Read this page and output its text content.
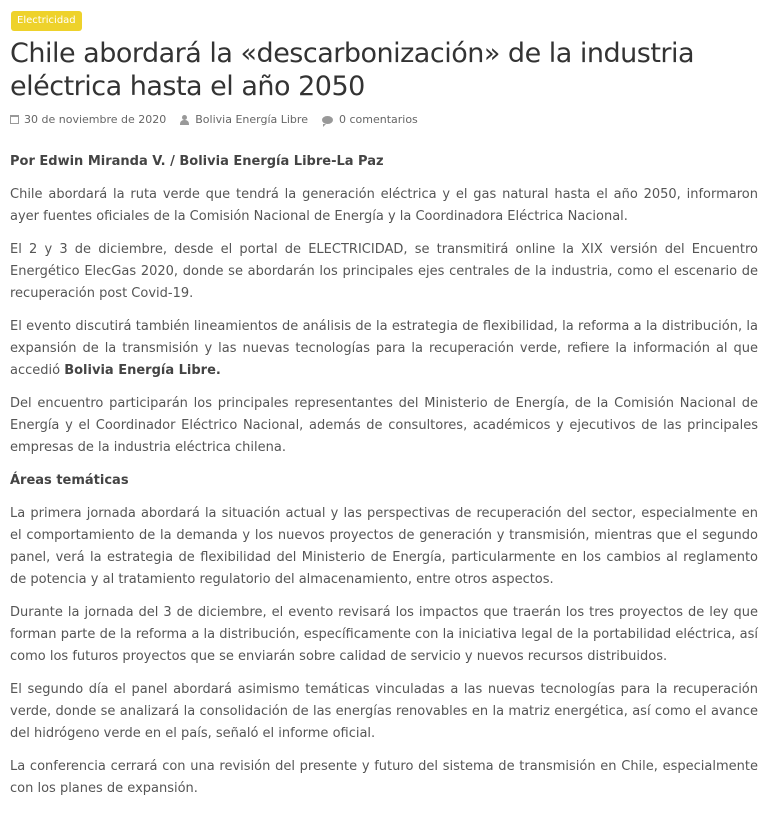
Electricidad
Chile abordará la «descarbonización» de la industria eléctrica hasta el año 2050
30 de noviembre de 2020	Bolivia Energía Libre	0 comentarios

Por Edwin Miranda V. / Bolivia Energía Libre-La Paz

Chile abordará la ruta verde que tendrá la generación eléctrica y el gas natural hasta el año 2050, informaron ayer fuentes oficiales de la Comisión Nacional de Energía y la Coordinadora Eléctrica Nacional.

El 2 y 3 de diciembre, desde el portal de ELECTRICIDAD, se transmitirá online la XIX versión del Encuentro Energético ElecGas 2020, donde se abordarán los principales ejes centrales de la industria, como el escenario de recuperación post Covid-19.

El evento discutirá también lineamientos de análisis de la estrategia de flexibilidad, la reforma a la distribución, la expansión de la transmisión y las nuevas tecnologías para la recuperación verde, refiere la información al que accedió Bolivia Energía Libre.

Del encuentro participarán los principales representantes del Ministerio de Energía, de la Comisión Nacional de Energía y el Coordinador Eléctrico Nacional, además de consultores, académicos y ejecutivos de las principales empresas de la industria eléctrica chilena.

Áreas temáticas

La primera jornada abordará la situación actual y las perspectivas de recuperación del sector, especialmente en el comportamiento de la demanda y los nuevos proyectos de generación y transmisión, mientras que el segundo panel, verá la estrategia de flexibilidad del Ministerio de Energía, particularmente en los cambios al reglamento de potencia y al tratamiento regulatorio del almacenamiento, entre otros aspectos.

Durante la jornada del 3 de diciembre, el evento revisará los impactos que traerán los tres proyectos de ley que forman parte de la reforma a la distribución, específicamente con la iniciativa legal de la portabilidad eléctrica, así como los futuros proyectos que se enviarán sobre calidad de servicio y nuevos recursos distribuidos.

El segundo día el panel abordará asimismo temáticas vinculadas a las nuevas tecnologías para la recuperación verde, donde se analizará la consolidación de las energías renovables en la matriz energética, así como el avance del hidrógeno verde en el país, señaló el informe oficial.

La conferencia cerrará con una revisión del presente y futuro del sistema de transmisión en Chile, especialmente con los planes de expansión.
